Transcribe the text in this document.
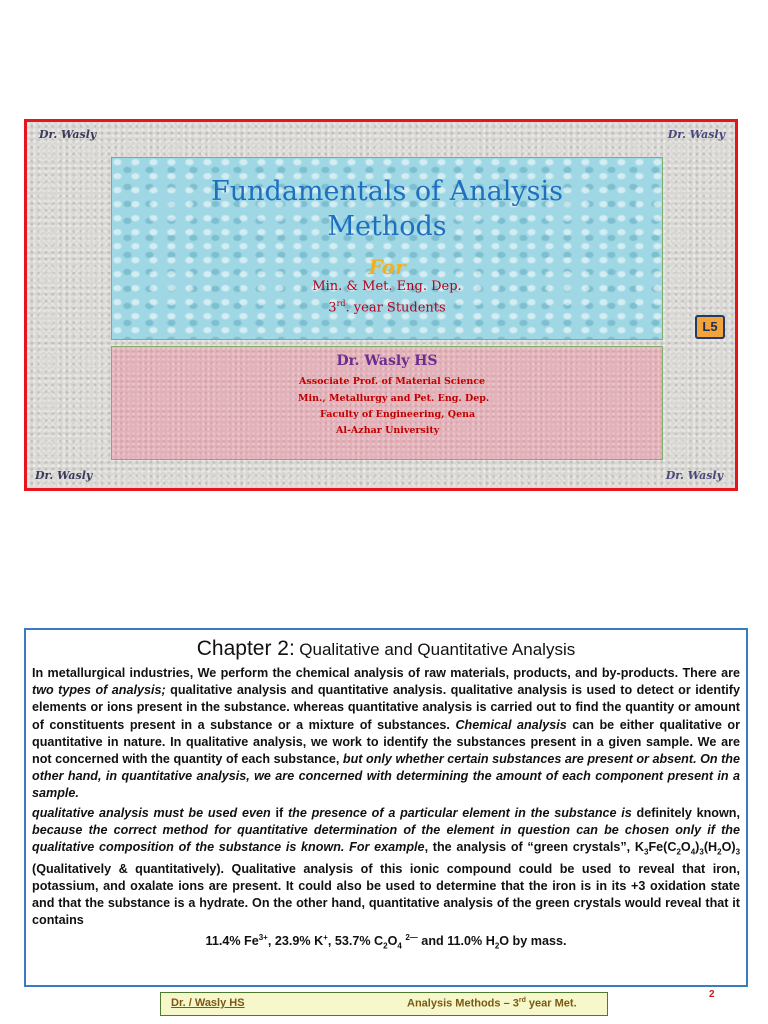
Dr. Wasly	Dr. Wasly
Dr. Wasly	Dr. Wasly
Fundamentals of Analysis
Methods
For
Min. & Met. Eng. Dep.
3rd. year Students
Dr. Wasly HS
Associate Prof. of Material Science
Min., Metallurgy and Pet. Eng. Dep.
Faculty of Engineering, Qena
Al-Azhar University
L5
Chapter 2: Qualitative and Quantitative Analysis

In metallurgical industries, We perform the chemical analysis of raw materials, products, and by-products. There are two types of analysis; qualitative analysis and quantitative analysis. qualitative analysis is used to detect or identify elements or ions present in the substance. whereas quantitative analysis is carried out to find the quantity or amount of constituents present in a substance or a mixture of substances. Chemical analysis can be either qualitative or quantitative in nature. In qualitative analysis, we work to identify the substances present in a given sample. We are not concerned with the quantity of each substance, but only whether certain substances are present or absent. On the other hand, in quantitative analysis, we are concerned with determining the amount of each component present in a sample.

qualitative analysis must be used even if the presence of a particular element in the substance is definitely known, because the correct method for quantitative determination of the element in question can be chosen only if the qualitative composition of the substance is known. For example, the analysis of “green crystals”, $K_3Fe(C_2O_4)_3(H_2O)_3$ (Qualitatively & quantitatively). Qualitative analysis of this ionic compound could be used to reveal that iron, potassium, and oxalate ions are present. It could also be used to determine that the iron is in its +3 oxidation state and that the substance is a hydrate. On the other hand, quantitative analysis of the green crystals would reveal that it contains

11.4% $Fe^{3+}$, 23.9% K+, 53.7% $C_2O_4$ $^{2—}$ and 11.0% $H_2O$ by mass.
Dr. / Wasly HS	Analysis Methods – 3rd year Met.
2
